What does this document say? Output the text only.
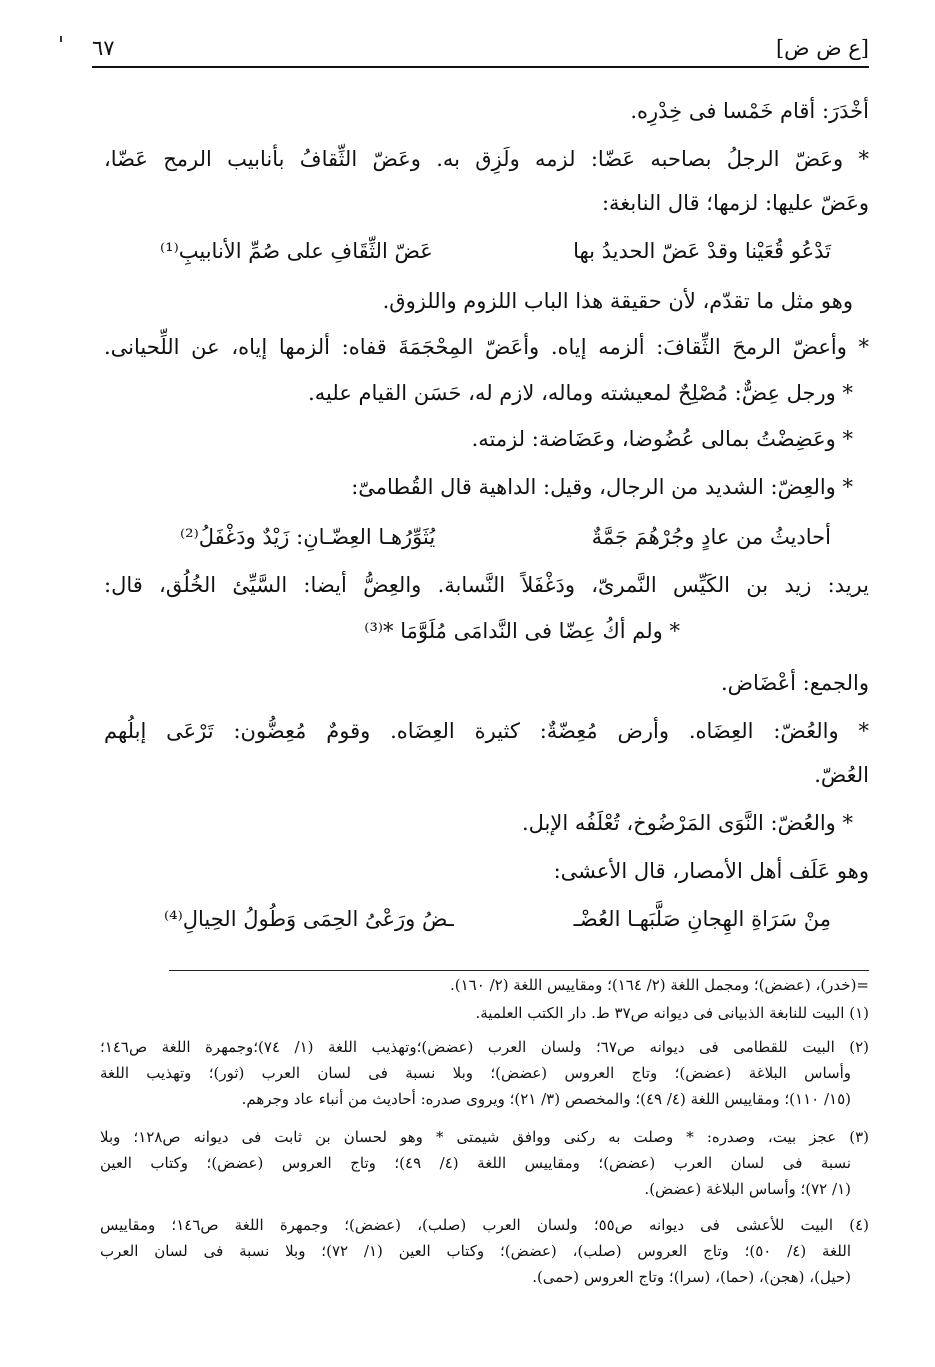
[ع ض ض]
٦٧
أخْدَرَ: أقام خَمْسا فى خِدْرِه.
* وعَضّ الرجلُ بصاحبه عَضّا: لزمه ولَزِق به. وعَضّ الثِّقافُ بأنابيب الرمح عَضّا،
وعَضّ عليها: لزمها؛ قال النابغة:
تَدْعُو قُعَيْنا وقدْ عَضّ الحديدُ بها
عَضّ الثِّقَافِ على صُمِّ الأنابيبِ⁽¹⁾
وهو مثل ما تقدّم، لأن حقيقة هذا الباب اللزوم واللزوق.
* وأعضّ الرمحَ الثِّقافَ: ألزمه إياه. وأعَضّ المِحْجَمَةَ قفاه: ألزمها إياه، عن اللِّحيانى.
* ورجل عِضٌّ: مُصْلِحٌ لمعيشته وماله، لازم له، حَسَن القيام عليه.
* وعَضِضْتُ بمالى عُضُوضا، وعَضَاضة: لزمته.
* والعِضّ: الشديد من الرجال، وقيل: الداهية قال القُطامىّ:
أحاديثُ من عادٍ وجُرْهُمَ جَمَّةٌ
يُثَوِّرُهـا العِضّـانِ: زَيْدٌ ودَغْفَلُ⁽²⁾
يريد: زيد بن الكَيِّس النَّمرىّ، ودَغْفَلاً النَّسابة. والعِضُّ أيضا: السَّيِّئ الخُلُق، قال:
* ولم أكُ عِضّا فى النَّدامَى مُلَوَّمَا *⁽³⁾
والجمع: أعْضَاض.
* والعُضّ: العِضَاه. وأرض مُعِضّةٌ: كثيرة العِضَاه. وقومٌ مُعِضُّون: تَرْعَى إبلُهم
العُضّ.
* والعُضّ: النَّوَى المَرْضُوخ، تُعْلَفُه الإبل.
وهو عَلَف أهل الأمصار، قال الأعشى:
مِنْ سَرَاةِ الهِجانِ صَلَّبَهـا العُضْـ
ـضُ ورَعْىُ الحِمَى وَطُولُ الحِيالِ⁽⁴⁾
=(خدر)، (عضض)؛ ومجمل اللغة (٢/ ١٦٤)؛ ومقاييس اللغة (٢/ ١٦٠).
(١) البيت للنابغة الذبيانى فى ديوانه ص٣٧ ط. دار الكتب العلمية.
(٢) البيت للقطامى فى ديوانه ص٦٧؛ ولسان العرب (عضض)؛وتهذيب اللغة (١/ ٧٤)؛وجمهرة اللغة ص١٤٦؛
وأساس البلاغة (عضض)؛ وتاج العروس (عضض)؛ وبلا نسبة فى لسان العرب (ثور)؛ وتهذيب اللغة
(١٥/ ١١٠)؛ ومقاييس اللغة (٤/ ٤٩)؛ والمخصص (٣/ ٢١)؛ ويروى صدره: أحاديث من أنباء عاد وجرهم.
(٣) عجز بيت، وصدره: * وصلت به ركنى ووافق شيمتى * وهو لحسان بن ثابت فى ديوانه ص١٢٨؛ وبلا
نسبة فى لسان العرب (عضض)؛ ومقاييس اللغة (٤/ ٤٩)؛ وتاج العروس (عضض)؛ وكتاب العين
(١/ ٧٢)؛ وأساس البلاغة (عضض).
(٤) البيت للأعشى فى ديوانه ص٥٥؛ ولسان العرب (صلب)، (عضض)؛ وجمهرة اللغة ص١٤٦؛ ومقاييس
اللغة (٤/ ٥٠)؛ وتاج العروس (صلب)، (عضض)؛ وكتاب العين (١/ ٧٢)؛ وبلا نسبة فى لسان العرب
(حيل)، (هجن)، (حما)، (سرا)؛ وتاج العروس (حمى).
